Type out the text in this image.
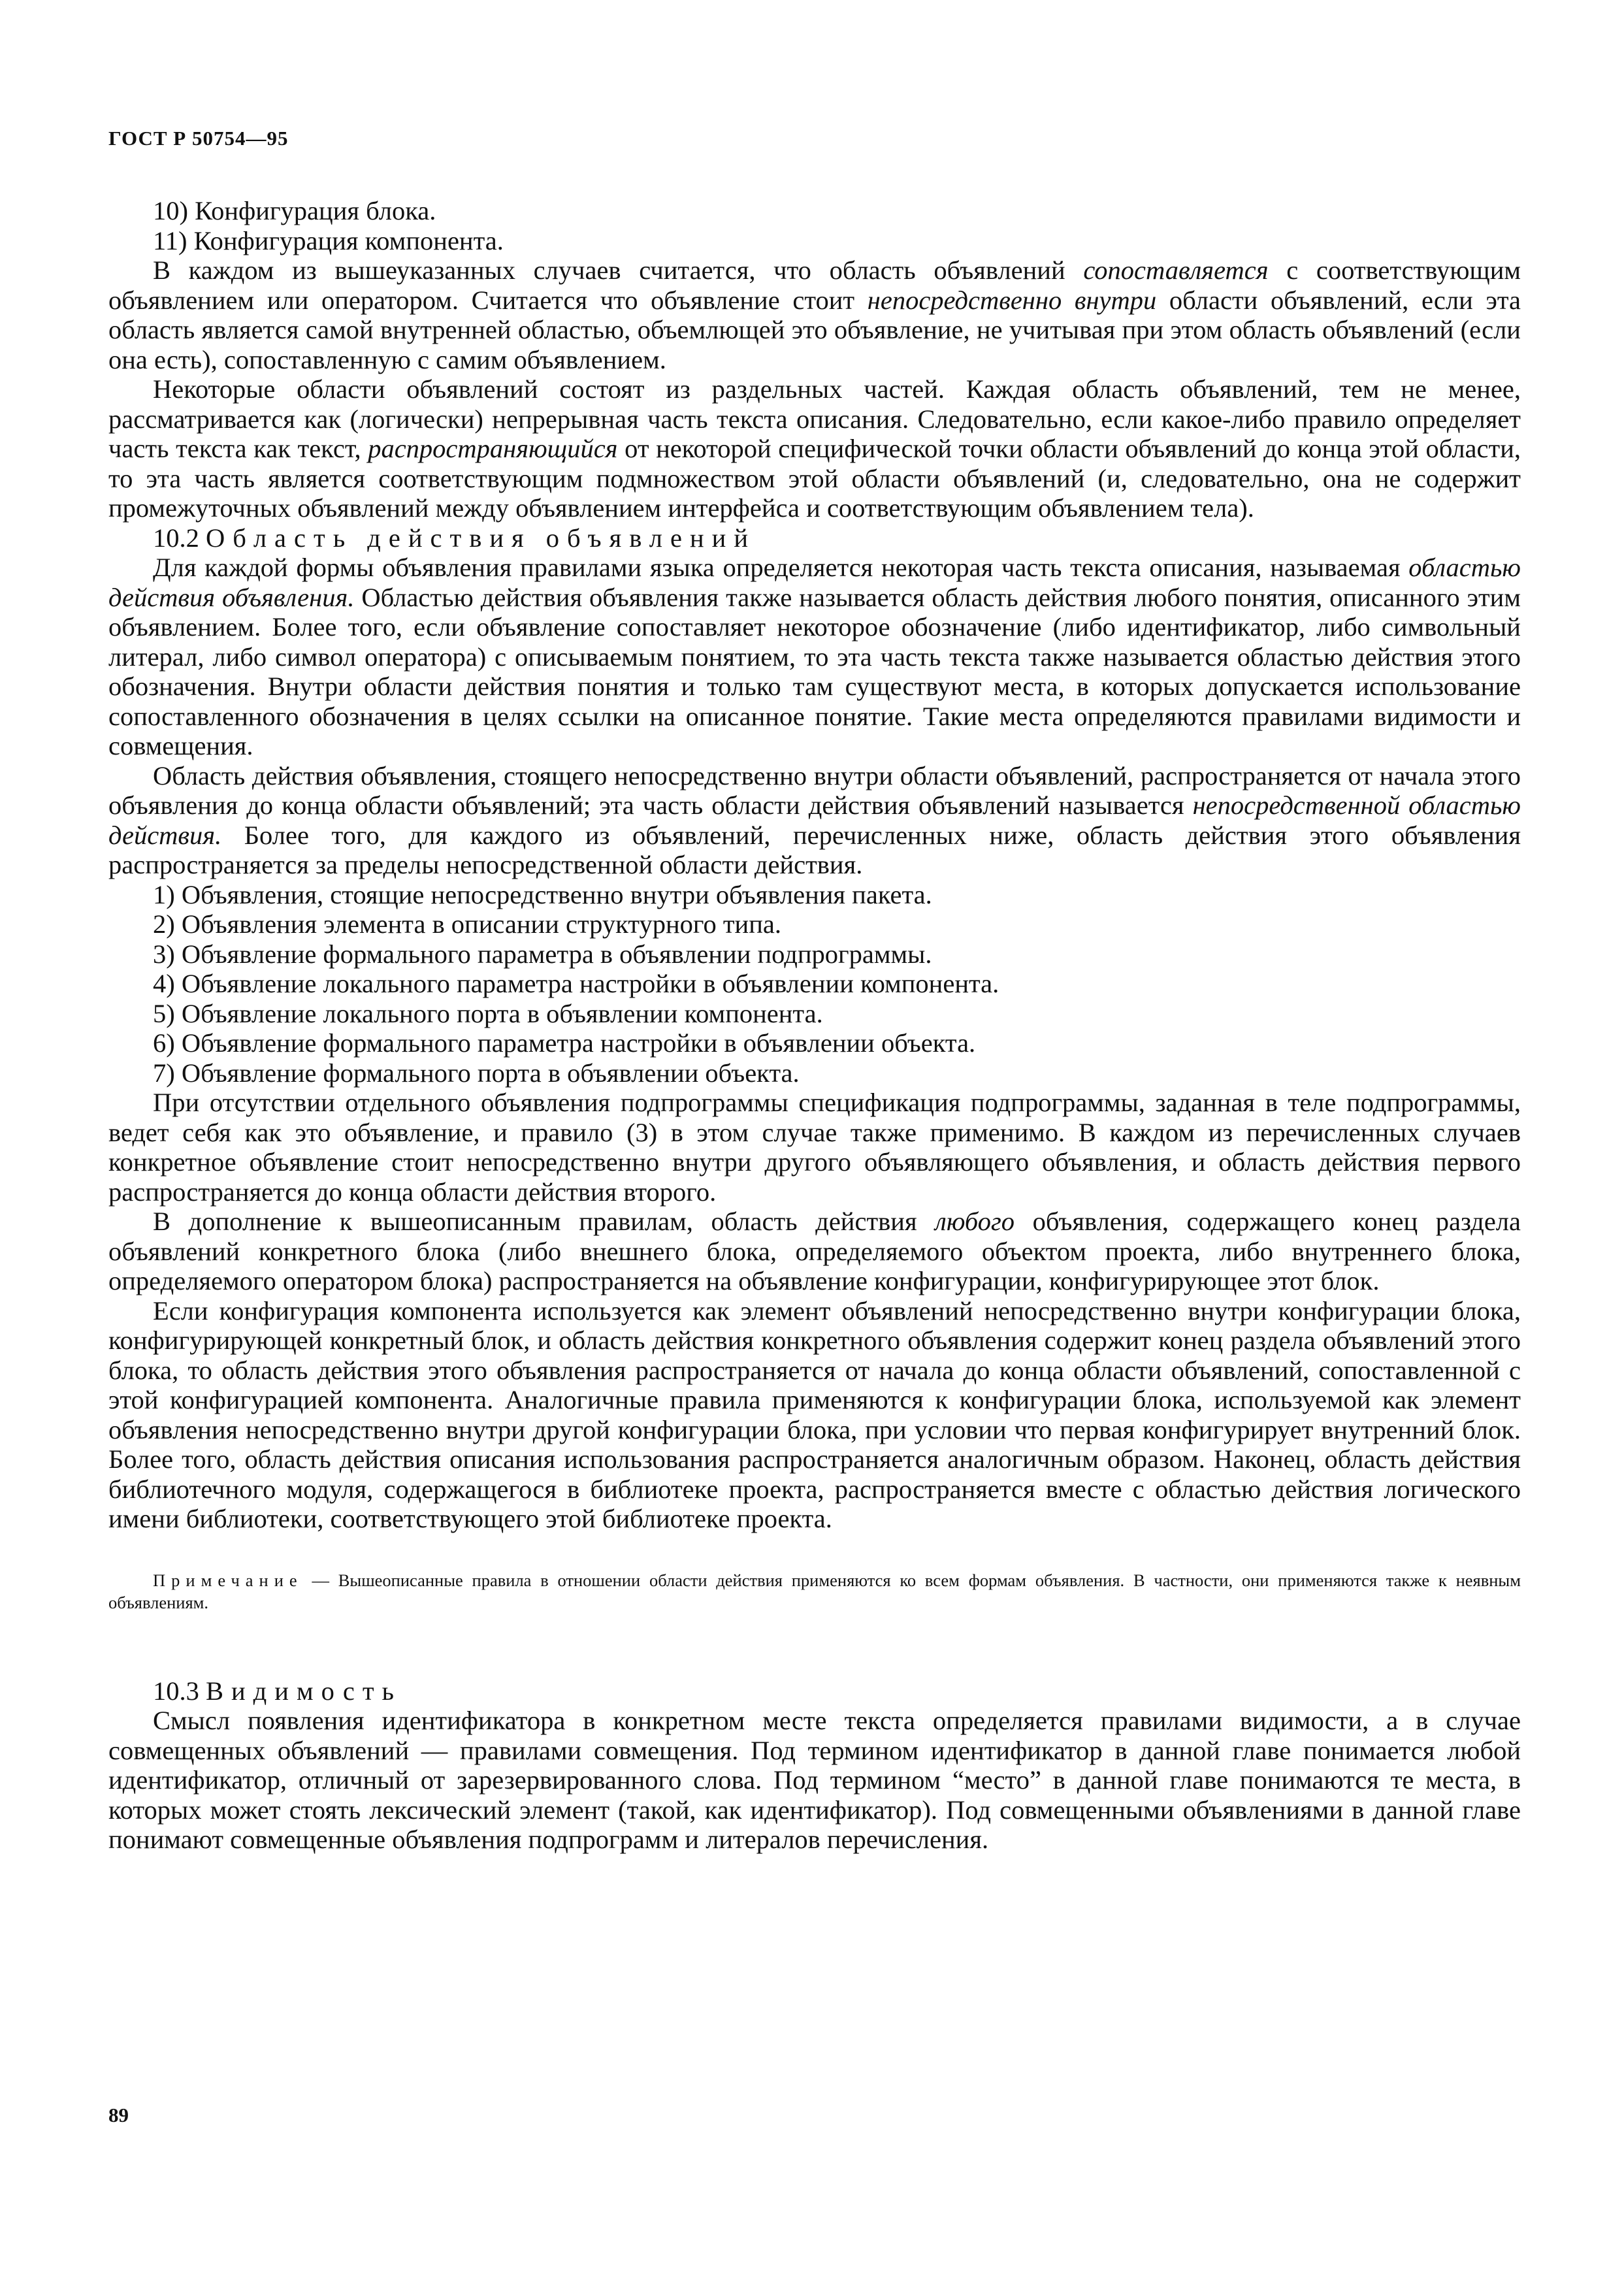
ГОСТ Р 50754—95

10) Конфигурация блока.

11) Конфигурация компонента.

В каждом из вышеуказанных случаев считается, что область объявлений сопоставляется с соответствующим объявлением или оператором. Считается что объявление стоит непосредственно внутри области объявлений, если эта область является самой внутренней областью, объемлющей это объявление, не учитывая при этом область объявлений (если она есть), сопоставленную с самим объявлением.

Некоторые области объявлений состоят из раздельных частей. Каждая область объявлений, тем не менее, рассматривается как (логически) непрерывная часть текста описания. Следовательно, если какое-либо правило определяет часть текста как текст, распространяющийся от некоторой специфической точки области объявлений до конца этой области, то эта часть является соответствующим подмножеством этой области объявлений (и, следовательно, она не содержит промежуточных объявлений между объявлением интерфейса и соответствующим объявлением тела).

10.2 Область действия объявлений

Для каждой формы объявления правилами языка определяется некоторая часть текста описания, называемая областью действия объявления. Областью действия объявления также называется область действия любого понятия, описанного этим объявлением. Более того, если объявление сопоставляет некоторое обозначение (либо идентификатор, либо символьный литерал, либо символ оператора) с описываемым понятием, то эта часть текста также называется областью действия этого обозначения. Внутри области действия понятия и только там существуют места, в которых допускается использование сопоставленного обозначения в целях ссылки на описанное понятие. Такие места определяются правилами видимости и совмещения.

Область действия объявления, стоящего непосредственно внутри области объявлений, распространяется от начала этого объявления до конца области объявлений; эта часть области действия объявлений называется непосредственной областью действия. Более того, для каждого из объявлений, перечисленных ниже, область действия этого объявления распространяется за пределы непосредственной области действия.

1) Объявления, стоящие непосредственно внутри объявления пакета.

2) Объявления элемента в описании структурного типа.

3) Объявление формального параметра в объявлении подпрограммы.

4) Объявление локального параметра настройки в объявлении компонента.

5) Объявление локального порта в объявлении компонента.

6) Объявление формального параметра настройки в объявлении объекта.

7) Объявление формального порта в объявлении объекта.

При отсутствии отдельного объявления подпрограммы спецификация подпрограммы, заданная в теле подпрограммы, ведет себя как это объявление, и правило (3) в этом случае также применимо. В каждом из перечисленных случаев конкретное объявление стоит непосредственно внутри другого объявляющего объявления, и область действия первого распространяется до конца области действия второго.

В дополнение к вышеописанным правилам, область действия любого объявления, содержащего конец раздела объявлений конкретного блока (либо внешнего блока, определяемого объектом проекта, либо внутреннего блока, определяемого оператором блока) распространяется на объявление конфигурации, конфигурирующее этот блок.

Если конфигурация компонента используется как элемент объявлений непосредственно внутри конфигурации блока, конфигурирующей конкретный блок, и область действия конкретного объявления содержит конец раздела объявлений этого блока, то область действия этого объявления распространяется от начала до конца области объявлений, сопоставленной с этой конфигурацией компонента. Аналогичные правила применяются к конфигурации блока, используемой как элемент объявления непосредственно внутри другой конфигурации блока, при условии что первая конфигурирует внутренний блок. Более того, область действия описания использования распространяется аналогичным образом. Наконец, область действия библиотечного модуля, содержащегося в библиотеке проекта, распространяется вместе с областью действия логического имени библиотеки, соответствующего этой библиотеке проекта.

Примечание — Вышеописанные правила в отношении области действия применяются ко всем формам объявления. В частности, они применяются также к неявным объявлениям.

10.3 Видимость

Смысл появления идентификатора в конкретном месте текста определяется правилами видимости, а в случае совмещенных объявлений — правилами совмещения. Под термином идентификатор в данной главе понимается любой идентификатор, отличный от зарезервированного слова. Под термином “место” в данной главе понимаются те места, в которых может стоять лексический элемент (такой, как идентификатор). Под совмещенными объявлениями в данной главе понимают совмещенные объявления подпрограмм и литералов перечисления.

89
